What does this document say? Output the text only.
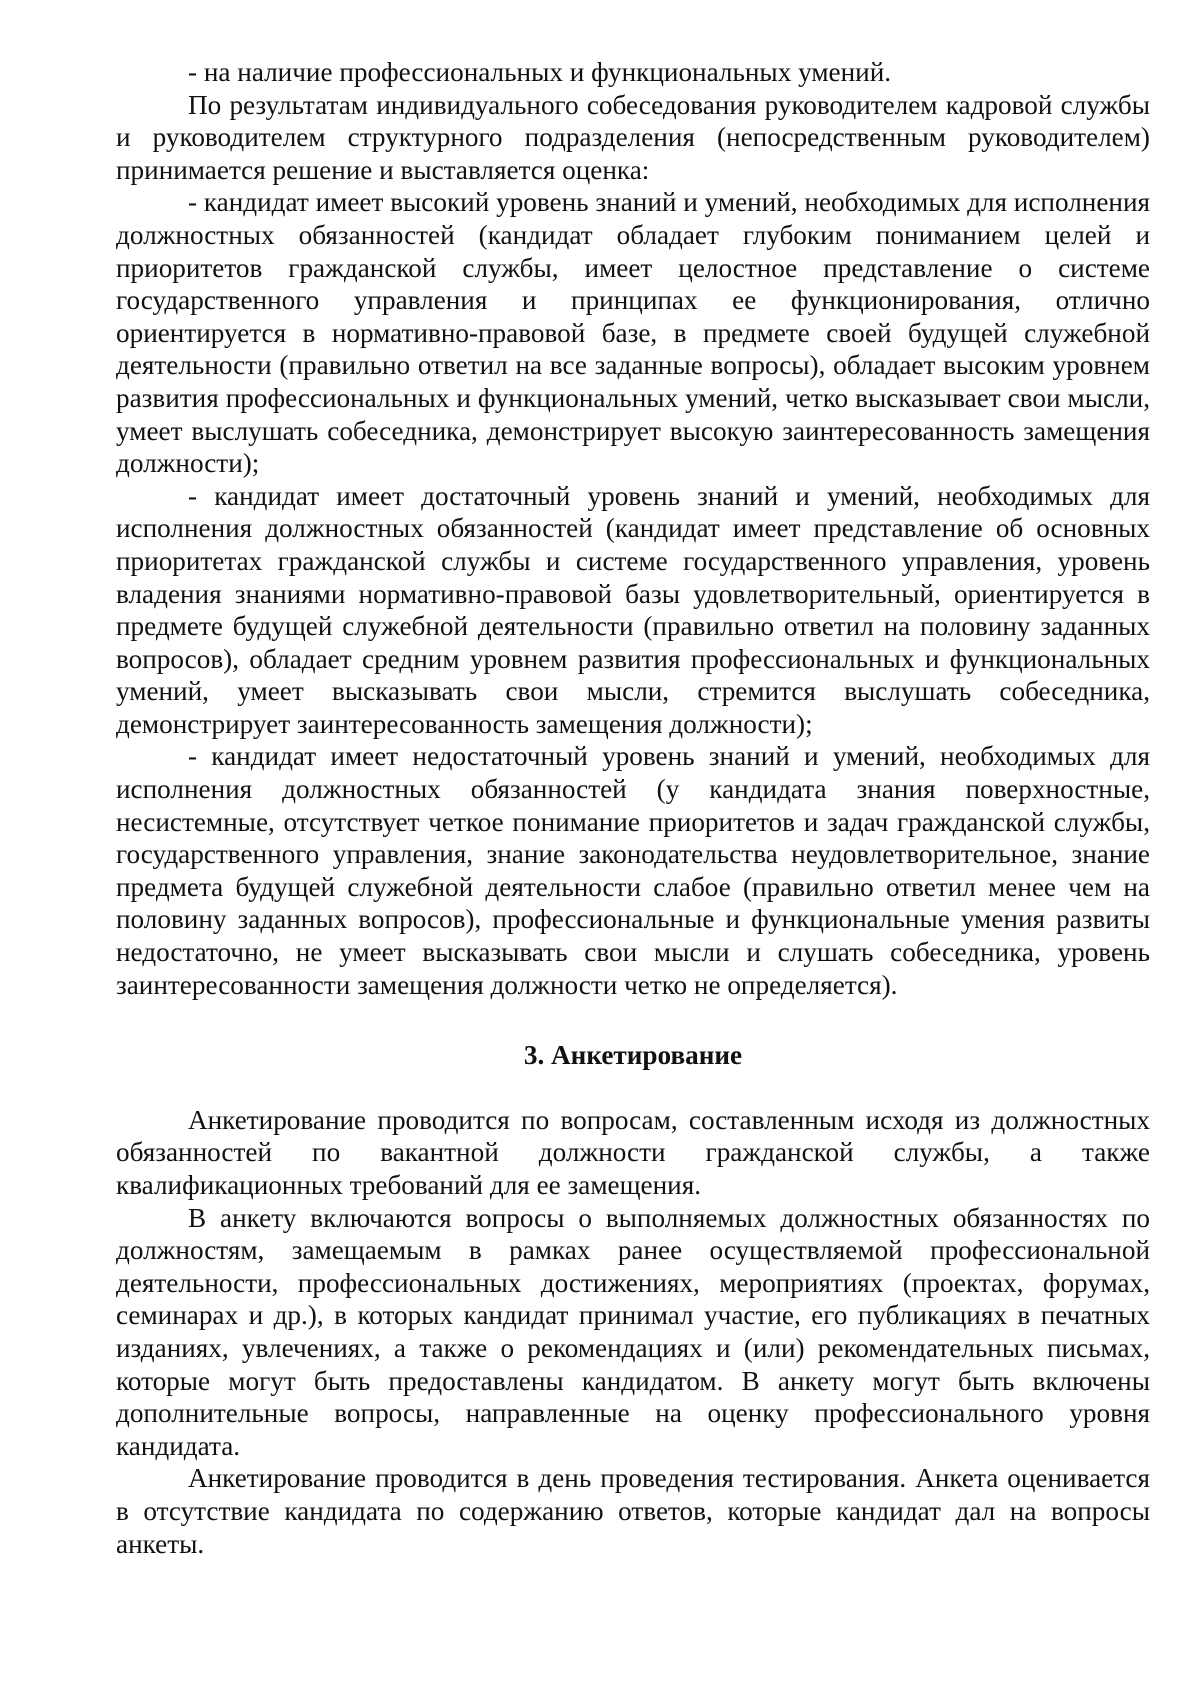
- на наличие профессиональных и функциональных умений.

По результатам индивидуального собеседования руководителем кадровой службы и руководителем структурного подразделения (непосредственным руководителем) принимается решение и выставляется оценка:

- кандидат имеет высокий уровень знаний и умений, необходимых для исполнения должностных обязанностей (кандидат обладает глубоким пониманием целей и приоритетов гражданской службы, имеет целостное представление о системе государственного управления и принципах ее функционирования, отлично ориентируется в нормативно-правовой базе, в предмете своей будущей служебной деятельности (правильно ответил на все заданные вопросы), обладает высоким уровнем развития профессиональных и функциональных умений, четко высказывает свои мысли, умеет выслушать собеседника, демонстрирует высокую заинтересованность замещения должности);

- кандидат имеет достаточный уровень знаний и умений, необходимых для исполнения должностных обязанностей (кандидат имеет представление об основных приоритетах гражданской службы и системе государственного управления, уровень владения знаниями нормативно-правовой базы удовлетворительный, ориентируется в предмете будущей служебной деятельности (правильно ответил на половину заданных вопросов), обладает средним уровнем развития профессиональных и функциональных умений, умеет высказывать свои мысли, стремится выслушать собеседника, демонстрирует заинтересованность замещения должности);

- кандидат имеет недостаточный уровень знаний и умений, необходимых для исполнения должностных обязанностей (у кандидата знания поверхностные, несистемные, отсутствует четкое понимание приоритетов и задач гражданской службы, государственного управления, знание законодательства неудовлетворительное, знание предмета будущей служебной деятельности слабое (правильно ответил менее чем на половину заданных вопросов), профессиональные и функциональные умения развиты недостаточно, не умеет высказывать свои мысли и слушать собеседника, уровень заинтересованности замещения должности четко не определяется).

3. Анкетирование

Анкетирование проводится по вопросам, составленным исходя из должностных обязанностей по вакантной должности гражданской службы, а также квалификационных требований для ее замещения.

В анкету включаются вопросы о выполняемых должностных обязанностях по должностям, замещаемым в рамках ранее осуществляемой профессиональной деятельности, профессиональных достижениях, мероприятиях (проектах, форумах, семинарах и др.), в которых кандидат принимал участие, его публикациях в печатных изданиях, увлечениях, а также о рекомендациях и (или) рекомендательных письмах, которые могут быть предоставлены кандидатом. В анкету могут быть включены дополнительные вопросы, направленные на оценку профессионального уровня кандидата.

Анкетирование проводится в день проведения тестирования. Анкета оценивается в отсутствие кандидата по содержанию ответов, которые кандидат дал на вопросы анкеты.
